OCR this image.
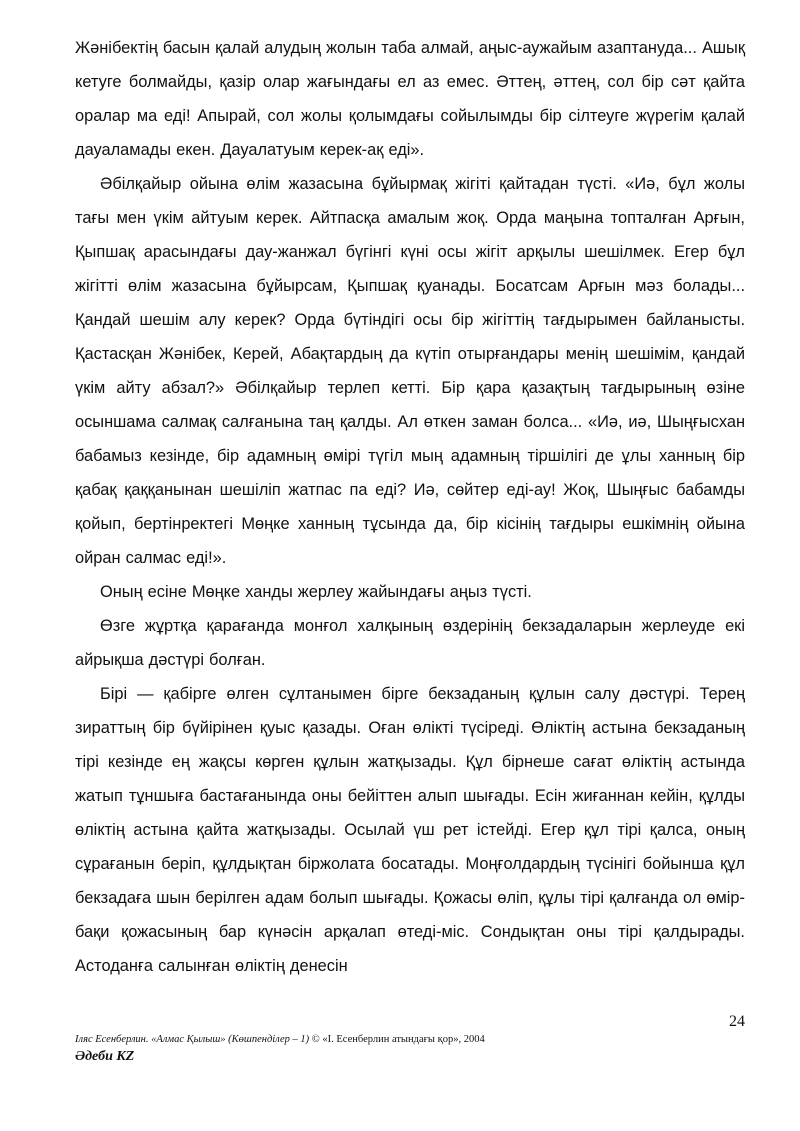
Жәнібектің басын қалай алудың жолын таба алмай, аңыс-аужайым азаптануда... Ашық кетуге болмайды, қазір олар жағындағы ел аз емес. Әттең, әттең, сол бір сәт қайта оралар ма еді! Апырай, сол жолы қолымдағы сойылымды бір сілтеуге жүрегім қалай дауаламады екен. Дауалатуым керек-ақ еді».

Әбілқайыр ойына өлім жазасына бұйырмақ жігіті қайтадан түсті. «Иә, бұл жолы тағы мен үкім айтуым керек. Айтпасқа амалым жоқ. Орда маңына топталған Арғын, Қыпшақ арасындағы дау-жанжал бүгінгі күні осы жігіт арқылы шешілмек. Егер бұл жігітті өлім жазасына бұйырсам, Қыпшақ қуанады. Босатсам Арғын мәз болады... Қандай шешім алу керек? Орда бүтіндігі осы бір жігіттің тағдырымен байланысты. Қастасқан Жәнібек, Керей, Абақтардың да күтіп отырғандары менің шешімім, қандай үкім айту абзал?» Әбілқайыр терлеп кетті. Бір қара қазақтың тағдырының өзіне осыншама салмақ салғанына таң қалды. Ал өткен заман болса... «Иә, иә, Шыңғысхан бабамыз кезінде, бір адамның өмірі түгіл мың адамның тіршілігі де ұлы ханның бір қабақ қаққанынан шешіліп жатпас па еді? Иә, сөйтер еді-ау! Жоқ, Шыңғыс бабамды қойып, бертінректегі Мөңке ханның тұсында да, бір кісінің тағдыры ешкімнің ойына ойран салмас еді!».

Оның есіне Мөңке ханды жерлеу жайындағы аңыз түсті.

Өзге жұртқа қарағанда монғол халқының өздерінің бекзадаларын жерлеуде екі айрықша дәстүрі болған.

Бірі — қабірге өлген сұлтанымен бірге бекзаданың құлын салу дәстүрі. Терең зираттың бір бүйірінен қуыс қазады. Оған өлікті түсіреді. Өліктің астына бекзаданың тірі кезінде ең жақсы көрген құлын жатқызады. Құл бірнеше сағат өліктің астында жатып тұншыға бастағанында оны бейіттен алып шығады. Есін жиғаннан кейін, құлды өліктің астына қайта жатқызады. Осылай үш рет істейді. Егер құл тірі қалса, оның сұрағанын беріп, құлдықтан біржолата босатады. Моңғолдардың түсінігі бойынша құл бекзадаға шын берілген адам болып шығады. Қожасы өліп, құлы тірі қалғанда ол өмір-бақи қожасының бар күнәсін арқалап өтеді-міс. Сондықтан оны тірі қалдырады. Астоданға салынған өліктің денесін

24
Іляс Есенберлин. «Алмас Қылыш» (Көшпенділер – 1) © «І. Есенберлин атындағы қор», 2004
Әдеби KZ
